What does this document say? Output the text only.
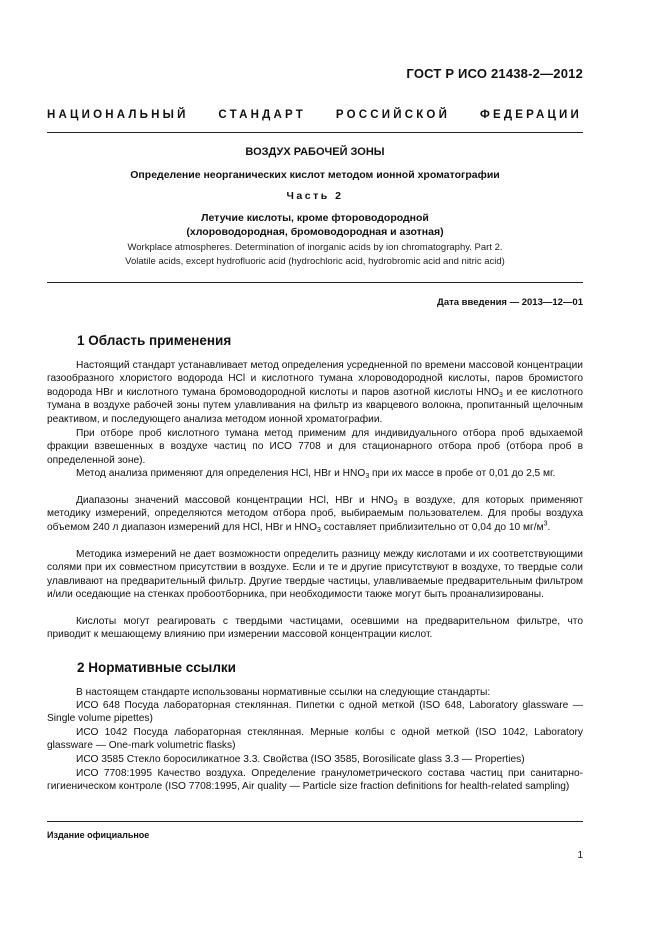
ГОСТ Р ИСО 21438-2—2012
НАЦИОНАЛЬНЫЙ СТАНДАРТ РОССИЙСКОЙ ФЕДЕРАЦИИ
ВОЗДУХ РАБОЧЕЙ ЗОНЫ
Определение неорганических кислот методом ионной хроматографии
Часть 2
Летучие кислоты, кроме фтороводородной
(хлороводородная, бромоводородная и азотная)
Workplace atmospheres. Determination of inorganic acids by ion chromatography. Part 2.
Volatile acids, except hydrofluoric acid (hydrochloric acid, hydrobromic acid and nitric acid)
Дата введения — 2013—12—01
1 Область применения
Настоящий стандарт устанавливает метод определения усредненной по времени массовой концентрации газообразного хлористого водорода HCl и кислотного тумана хлороводородной кислоты, паров бромистого водорода HBr и кислотного тумана бромоводородной кислоты и паров азотной кислоты $HNO_3$ и ее кислотного тумана в воздухе рабочей зоны путем улавливания на фильтр из кварцевого волокна, пропитанный щелочным реактивом, и последующего анализа методом ионной хроматографии.
При отборе проб кислотного тумана метод применим для индивидуального отбора проб вдыхаемой фракции взвешенных в воздухе частиц по ИСО 7708 и для стационарного отбора проб (отбора проб в определенной зоне).
Метод анализа применяют для определения HCl, HBr и $HNO_3$ при их массе в пробе от 0,01 до 2,5 мг.
Диапазоны значений массовой концентрации HCl, HBr и $HNO_3$ в воздухе, для которых применяют методику измерений, определяются методом отбора проб, выбираемым пользователем. Для пробы воздуха объемом 240 л диапазон измерений для HCl, HBr и $HNO_3$ составляет приблизительно от 0,04 до 10 $мг/м^3$.
Методика измерений не дает возможности определить разницу между кислотами и их соответствующими солями при их совместном присутствии в воздухе. Если и те и другие присутствуют в воздухе, то твердые соли улавливают на предварительный фильтр. Другие твердые частицы, улавливаемые предварительным фильтром и/или оседающие на стенках пробоотборника, при необходимости также могут быть проанализированы.
Кислоты могут реагировать с твердыми частицами, осевшими на предварительном фильтре, что приводит к мешающему влиянию при измерении массовой концентрации кислот.
2 Нормативные ссылки
В настоящем стандарте использованы нормативные ссылки на следующие стандарты:
ИСО 648 Посуда лабораторная стеклянная. Пипетки с одной меткой (ISO 648, Laboratory glassware — Single volume pipettes)
ИСО 1042 Посуда лабораторная стеклянная. Мерные колбы с одной меткой (ISO 1042, Laboratory glassware — One-mark volumetric flasks)
ИСО 3585 Стекло боросиликатное 3.3. Свойства (ISO 3585, Borosilicate glass 3.3 — Properties)
ИСО 7708:1995 Качество воздуха. Определение гранулометрического состава частиц при санитарно-гигиеническом контроле (ISO 7708:1995, Air quality — Particle size fraction definitions for health-related sampling)
Издание официальное
1
